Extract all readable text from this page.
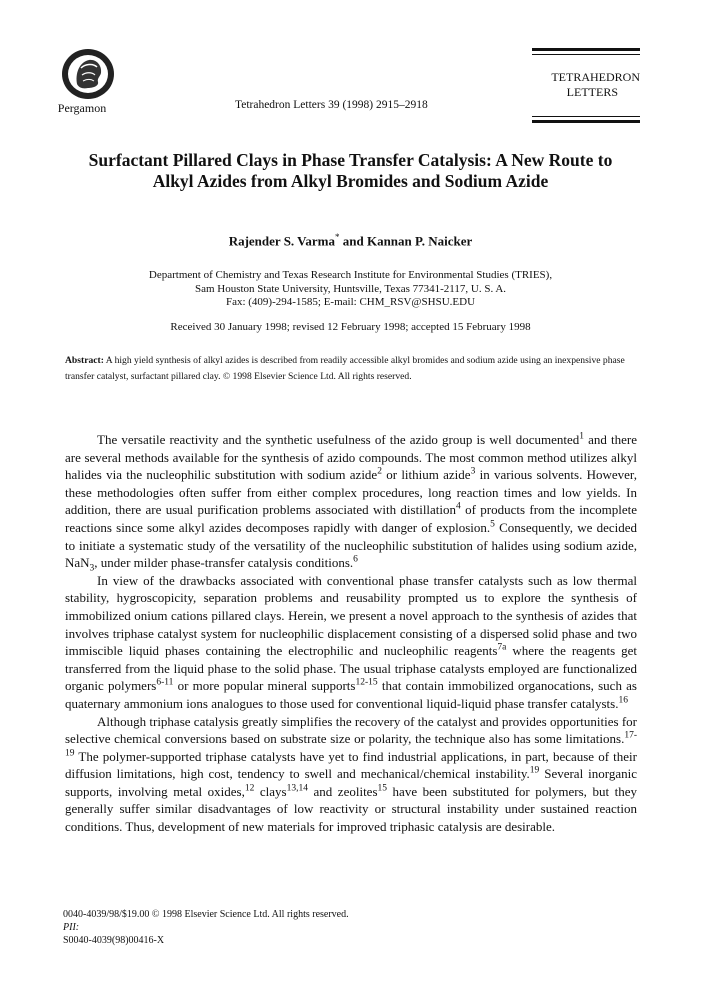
Pergamon	Tetrahedron Letters 39 (1998) 2915–2918
TETRAHEDRON
LETTERS
Surfactant Pillared Clays in Phase Transfer Catalysis: A New Route to
Alkyl Azides from Alkyl Bromides and Sodium Azide
Rajender S. Varma* and Kannan P. Naicker
Department of Chemistry and Texas Research Institute for Environmental Studies (TRIES),
Sam Houston State University, Huntsville, Texas 77341-2117, U. S. A.
Fax: (409)-294-1585; E-mail: CHM_RSV@SHSU.EDU
Received 30 January 1998; revised 12 February 1998; accepted 15 February 1998
Abstract: A high yield synthesis of alkyl azides is described from readily accessible alkyl bromides and sodium azide using an inexpensive phase transfer catalyst, surfactant pillared clay. © 1998 Elsevier Science Ltd. All rights reserved.

The versatile reactivity and the synthetic usefulness of the azido group is well documented$^1$ and there are several methods available for the synthesis of azido compounds. The most common method utilizes alkyl halides via the nucleophilic substitution with sodium azide$^2$ or lithium azide$^3$ in various solvents. However, these methodologies often suffer from either complex procedures, long reaction times and low yields. In addition, there are usual purification problems associated with distillation$^4$ of products from the incomplete reactions since some alkyl azides decomposes rapidly with danger of explosion.$^5$ Consequently, we decided to initiate a systematic study of the versatility of the nucleophilic substitution of halides using sodium azide, NaN$_3$, under milder phase-transfer catalysis conditions.$^6$

In view of the drawbacks associated with conventional phase transfer catalysts such as low thermal stability, hygroscopicity, separation problems and reusability prompted us to explore the synthesis of immobilized onium cations pillared clays. Herein, we present a novel approach to the synthesis of azides that involves triphase catalyst system for nucleophilic displacement consisting of a dispersed solid phase and two immiscible liquid phases containing the electrophilic and nucleophilic reagents$^{7a}$ where the reagents get transferred from the liquid phase to the solid phase. The usual triphase catalysts employed are functionalized organic polymers$^{6-11}$ or more popular mineral supports$^{12-15}$ that contain immobilized organocations, such as quaternary ammonium ions analogues to those used for conventional liquid-liquid phase transfer catalysts.$^{16}$

Although triphase catalysis greatly simplifies the recovery of the catalyst and provides opportunities for selective chemical conversions based on substrate size or polarity, the technique also has some limitations.$^{17-19}$ The polymer-supported triphase catalysts have yet to find industrial applications, in part, because of their diffusion limitations, high cost, tendency to swell and mechanical/chemical instability.$^{19}$ Several inorganic supports, involving metal oxides,$^{12}$ clays$^{13,14}$ and zeolites$^{15}$ have been substituted for polymers, but they generally suffer similar disadvantages of low reactivity or structural instability under sustained reaction conditions. Thus, development of new materials for improved triphasic catalysis are desirable.

0040-4039/98/$19.00 © 1998 Elsevier Science Ltd. All rights reserved.
PII:
S0040-4039(98)00416-X
